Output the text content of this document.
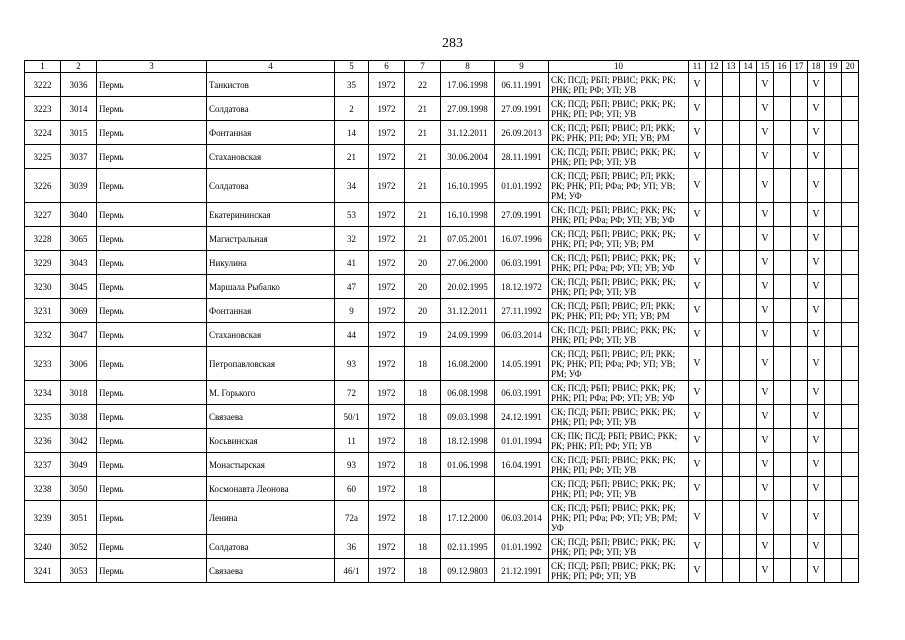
283
1	2	3	4	5	6	7	8	9	10	11	12	13	14	15	16	17	18	19	20
3222	3036	Пермь	Танкистов	35	1972	22	17.06.1998	06.11.1991	СК; ПСД; РБП; РВИС; РКК; РК; РНК; РП; РФ; УП; УВ	V				V			V		
3223	3014	Пермь	Солдатова	2	1972	21	27.09.1998	27.09.1991	СК; ПСД; РБП; РВИС; РКК; РК; РНК; РП; РФ; УП; УВ	V				V			V		
3224	3015	Пермь	Фонтанная	14	1972	21	31.12.2011	26.09.2013	СК; ПСД; РБП; РВИС; РЛ; РКК; РК; РНК; РП; РФ; УП; УВ; РМ	V				V			V		
3225	3037	Пермь	Стахановская	21	1972	21	30.06.2004	28.11.1991	СК; ПСД; РБП; РВИС; РКК; РК; РНК; РП; РФ; УП; УВ	V				V			V		
3226	3039	Пермь	Солдатова	34	1972	21	16.10.1995	01.01.1992	СК; ПСД; РБП; РВИС; РЛ; РКК; РК; РНК; РП; РФа; РФ; УП; УВ; РМ; УФ	V				V			V		
3227	3040	Пермь	Екатерининская	53	1972	21	16.10.1998	27.09.1991	СК; ПСД; РБП; РВИС; РКК; РК; РНК; РП; РФа; РФ; УП; УВ; УФ	V				V			V		
3228	3065	Пермь	Магистральная	32	1972	21	07.05.2001	16.07.1996	СК; ПСД; РБП; РВИС; РКК; РК; РНК; РП; РФ; УП; УВ; РМ	V				V			V		
3229	3043	Пермь	Никулина	41	1972	20	27.06.2000	06.03.1991	СК; ПСД; РБП; РВИС; РКК; РК; РНК; РП; РФа; РФ; УП; УВ; УФ	V				V			V		
3230	3045	Пермь	Маршала Рыбалко	47	1972	20	20.02.1995	18.12.1972	СК; ПСД; РБП; РВИС; РКК; РК; РНК; РП; РФ; УП; УВ	V				V			V		
3231	3069	Пермь	Фонтанная	9	1972	20	31.12.2011	27.11.1992	СК; ПСД; РБП; РВИС; РЛ; РКК; РК; РНК; РП; РФ; УП; УВ; РМ	V				V			V		
3232	3047	Пермь	Стахановская	44	1972	19	24.09.1999	06.03.2014	СК; ПСД; РБП; РВИС; РКК; РК; РНК; РП; РФ; УП; УВ	V				V			V		
3233	3006	Пермь	Петропавловская	93	1972	18	16.08.2000	14.05.1991	СК; ПСД; РБП; РВИС; РЛ; РКК; РК; РНК; РП; РФа; РФ; УП; УВ; РМ; УФ	V				V			V		
3234	3018	Пермь	М. Горького	72	1972	18	06.08.1998	06.03.1991	СК; ПСД; РБП; РВИС; РКК; РК; РНК; РП; РФа; РФ; УП; УВ; УФ	V				V			V		
3235	3038	Пермь	Связаева	50/1	1972	18	09.03.1998	24.12.1991	СК; ПСД; РБП; РВИС; РКК; РК; РНК; РП; РФ; УП; УВ	V				V			V		
3236	3042	Пермь	Косьвинская	11	1972	18	18.12.1998	01.01.1994	СК; ПК; ПСД; РБП; РВИС; РКК; РК; РНК; РП; РФ; УП; УВ	V				V			V		
3237	3049	Пермь	Монастырская	93	1972	18	01.06.1998	16.04.1991	СК; ПСД; РБП; РВИС; РКК; РК; РНК; РП; РФ; УП; УВ	V				V			V		
3238	3050	Пермь	Космонавта Леонова	60	1972	18			СК; ПСД; РБП; РВИС; РКК; РК; РНК; РП; РФ; УП; УВ	V				V			V		
3239	3051	Пермь	Ленина	72а	1972	18	17.12.2000	06.03.2014	СК; ПСД; РБП; РВИС; РКК; РК; РНК; РП; РФа; РФ; УП; УВ; РМ; УФ	V				V			V		
3240	3052	Пермь	Солдатова	36	1972	18	02.11.1995	01.01.1992	СК; ПСД; РБП; РВИС; РКК; РК; РНК; РП; РФ; УП; УВ	V				V			V		
3241	3053	Пермь	Связаева	46/1	1972	18	09.12.9803	21.12.1991	СК; ПСД; РБП; РВИС; РКК; РК; РНК; РП; РФ; УП; УВ	V				V			V		
